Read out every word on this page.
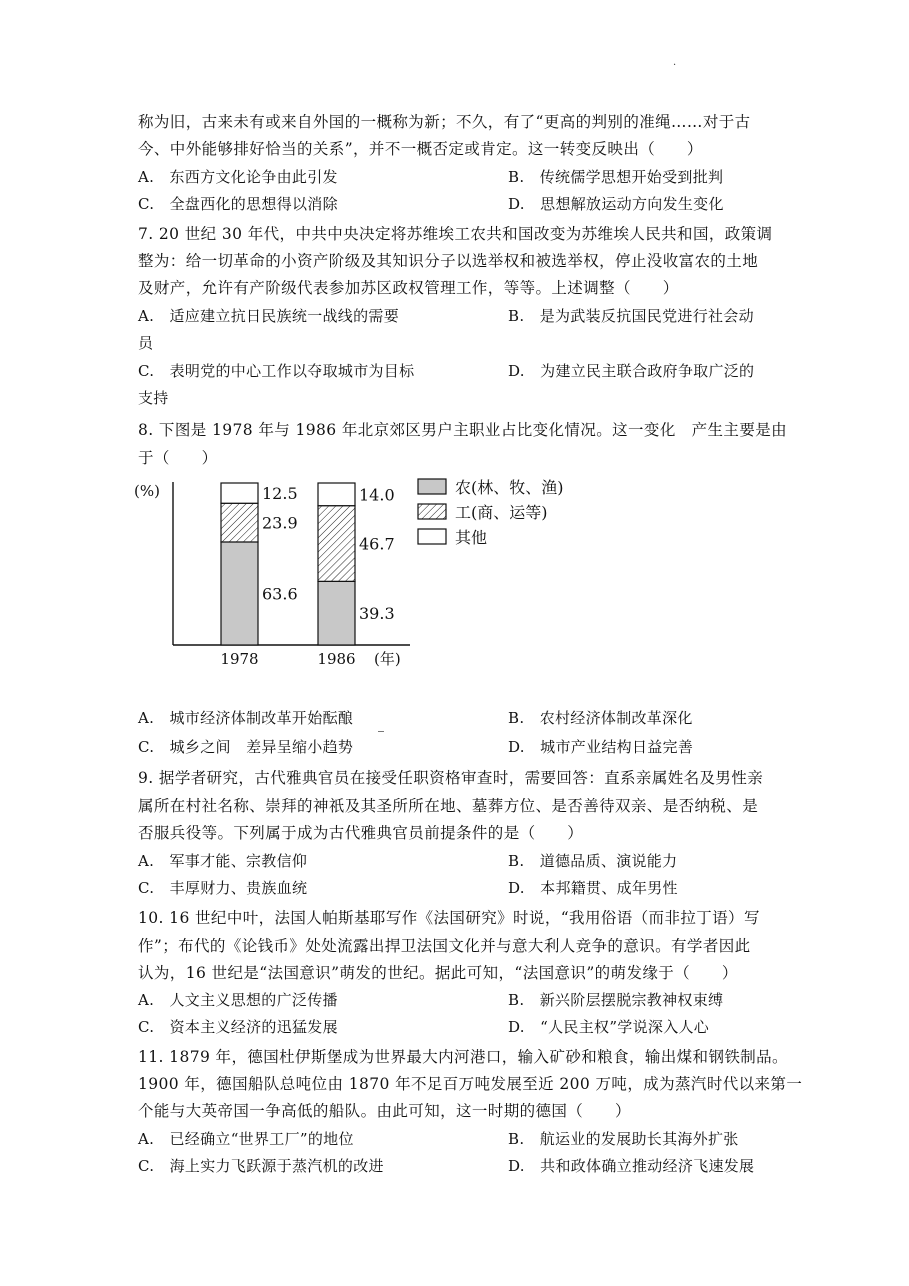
·
称为旧，古来未有或来自外国的一概称为新；不久，有了“更高的判别的准绳……对于古
今、中外能够排好恰当的关系”，并不一概否定或肯定。这一转变反映出（　　）
A.　东西方文化论争由此引发	B.　传统儒学思想开始受到批判
C.　全盘西化的思想得以消除	D.　思想解放运动方向发生变化
7. 20 世纪 30 年代，中共中央决定将苏维埃工农共和国改变为苏维埃人民共和国，政策调
整为：给一切革命的小资产阶级及其知识分子以选举权和被选举权，停止没收富农的土地
及财产，允许有产阶级代表参加苏区政权管理工作，等等。上述调整（　　）
A.　适应建立抗日民族统一战线的需要	B.　是为武装反抗国民党进行社会动
员
C.　表明党的中心工作以夺取城市为目标	D.　为建立民主联合政府争取广泛的
支持
8. 下图是 1978 年与 1986 年北京郊区男户主职业占比变化情况。这一变化　产生主要是由
于（　　）
(%)
(年)
63.6
23.9
12.5
1978
39.3
46.7
14.0
1986
农(林、牧、渔)
工(商、运等)
其他
A.　城市经济体制改革开始酝酿	B.　农村经济体制改革深化
C.　城乡之间　差异呈缩小趋势	D.　城市产业结构日益完善
9. 据学者研究，古代雅典官员在接受任职资格审查时，需要回答：直系亲属姓名及男性亲
属所在村社名称、崇拜的神祇及其圣所所在地、墓葬方位、是否善待双亲、是否纳税、是
否服兵役等。下列属于成为古代雅典官员前提条件的是（　　）
A.　军事才能、宗教信仰	B.　道德品质、演说能力
C.　丰厚财力、贵族血统	D.　本邦籍贯、成年男性
10. 16 世纪中叶，法国人帕斯基耶写作《法国研究》时说，“我用俗语（而非拉丁语）写
作”；布代的《论钱币》处处流露出捍卫法国文化并与意大利人竞争的意识。有学者因此
认为，16 世纪是“法国意识”萌发的世纪。据此可知，“法国意识”的萌发缘于（　　）
A.　人文主义思想的广泛传播	B.　新兴阶层摆脱宗教神权束缚
C.　资本主义经济的迅猛发展	D.　“人民主权”学说深入人心
11. 1879 年，德国杜伊斯堡成为世界最大内河港口，输入矿砂和粮食，输出煤和钢铁制品。
1900 年，德国船队总吨位由 1870 年不足百万吨发展至近 200 万吨，成为蒸汽时代以来第一
个能与大英帝国一争高低的船队。由此可知，这一时期的德国（　　）
A.　已经确立“世界工厂”的地位	B.　航运业的发展助长其海外扩张
C.　海上实力飞跃源于蒸汽机的改进	D.　共和政体确立推动经济飞速发展
